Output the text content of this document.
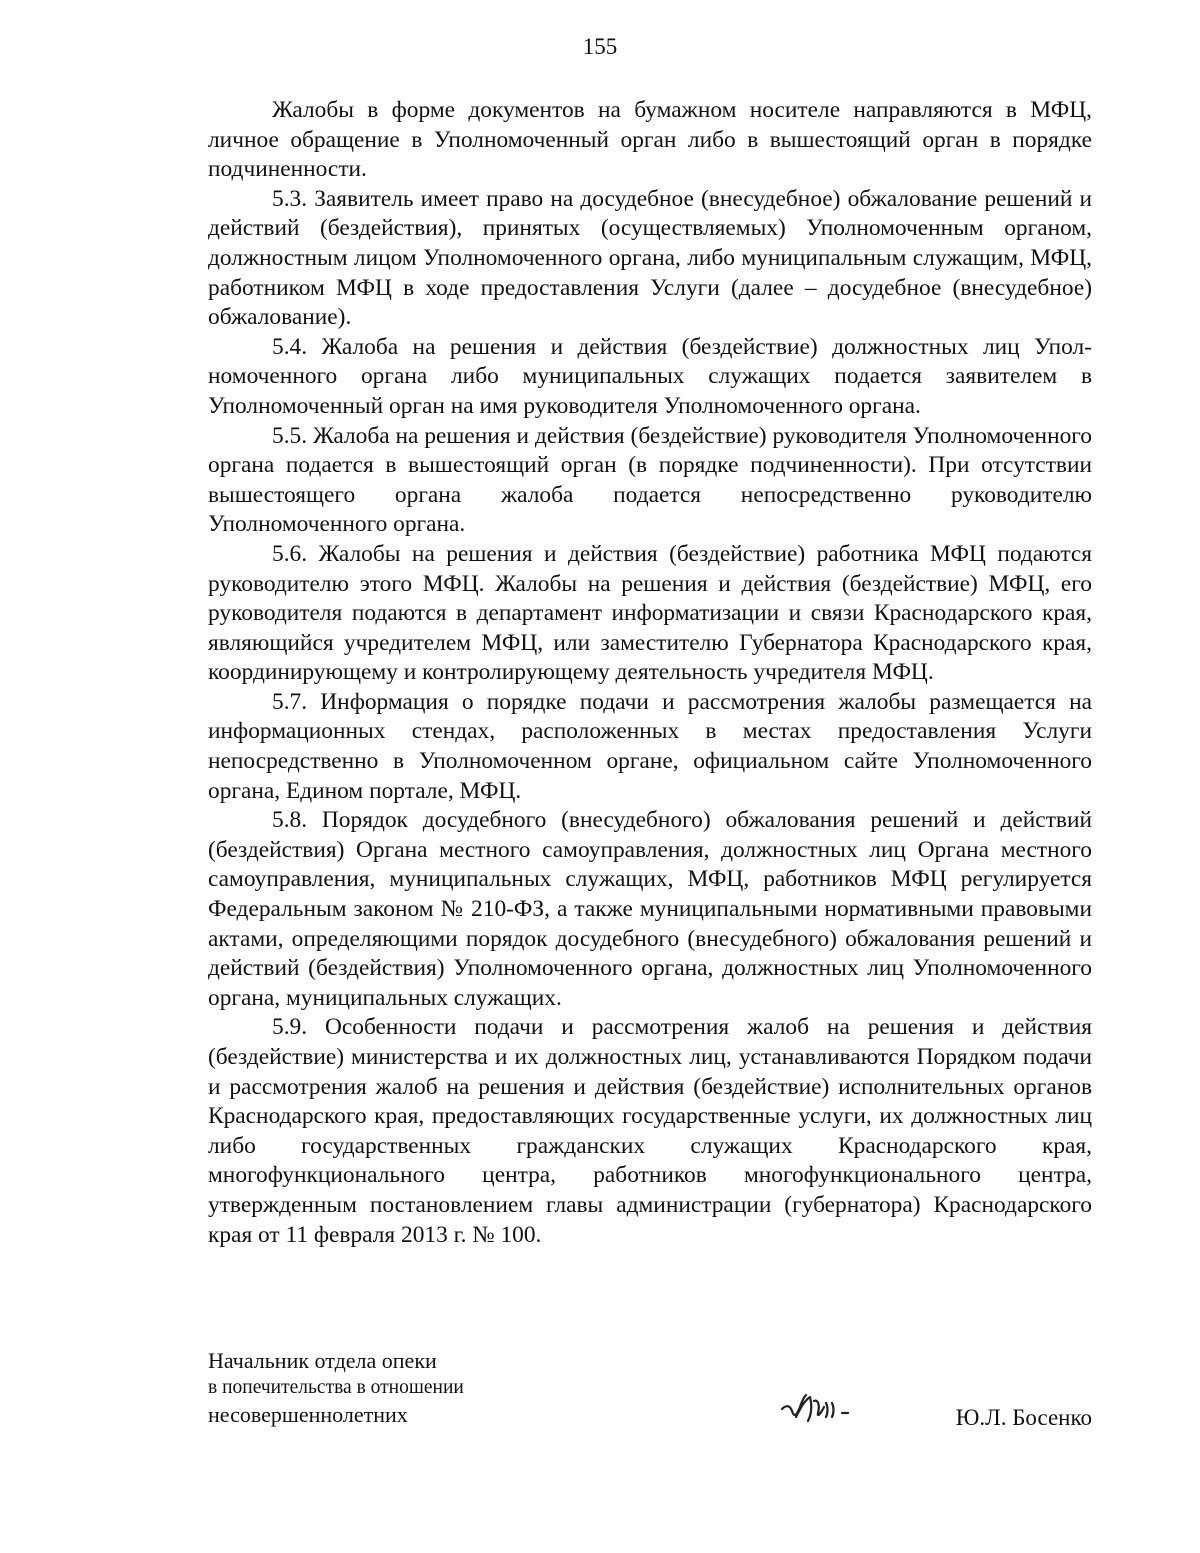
155

Жалобы в форме документов на бумажном носителе направляются в МФЦ, личное обращение в Уполномоченный орган либо в вышестоящий орган в порядке подчиненности.

5.3. Заявитель имеет право на досудебное (внесудебное) обжалование решений и действий (бездействия), принятых (осуществляемых) Уполномоченным органом, должностным лицом Уполномоченного органа, либо муниципальным служащим, МФЦ, работником МФЦ в ходе предоставления Услуги (далее – досудебное (внесудебное) обжалование).

5.4. Жалоба на решения и действия (бездействие) должностных лиц Уполномоченного органа либо муниципальных служащих подается заявителем в Уполномоченный орган на имя руководителя Уполномоченного органа.

5.5. Жалоба на решения и действия (бездействие) руководителя Уполномоченного органа подается в вышестоящий орган (в порядке подчиненности). При отсутствии вышестоящего органа жалоба подается непосредственно руководителю Уполномоченного органа.

5.6. Жалобы на решения и действия (бездействие) работника МФЦ подаются руководителю этого МФЦ. Жалобы на решения и действия (бездействие) МФЦ, его руководителя подаются в департамент информатизации и связи Краснодарского края, являющийся учредителем МФЦ, или заместителю Губернатора Краснодарского края, координирующему и контролирующему деятельность учредителя МФЦ.

5.7. Информация о порядке подачи и рассмотрения жалобы размещается на информационных стендах, расположенных в местах предоставления Услуги непосредственно в Уполномоченном органе, официальном сайте Уполномоченного органа, Едином портале, МФЦ.

5.8. Порядок досудебного (внесудебного) обжалования решений и действий (бездействия) Органа местного самоуправления, должностных лиц Органа местного самоуправления, муниципальных служащих, МФЦ, работников МФЦ регулируется Федеральным законом № 210-ФЗ, а также муниципальными нормативными правовыми актами, определяющими порядок досудебного (внесудебного) обжалования решений и действий (бездействия) Уполномоченного органа, должностных лиц Уполномоченного органа, муниципальных служащих.

5.9. Особенности подачи и рассмотрения жалоб на решения и действия (бездействие) министерства и их должностных лиц, устанавливаются Порядком подачи и рассмотрения жалоб на решения и действия (бездействие) исполнительных органов Краснодарского края, предоставляющих государственные услуги, их должностных лиц либо государственных гражданских служащих Краснодарского края, многофункционального центра, работников многофункционального центра, утвержденным постановлением главы администрации (губернатора) Краснодарского края от 11 февраля 2013 г. № 100.

Начальник отдела опеки
в попечительства в отношении
несовершеннолетних	Ю.Л. Босенко
